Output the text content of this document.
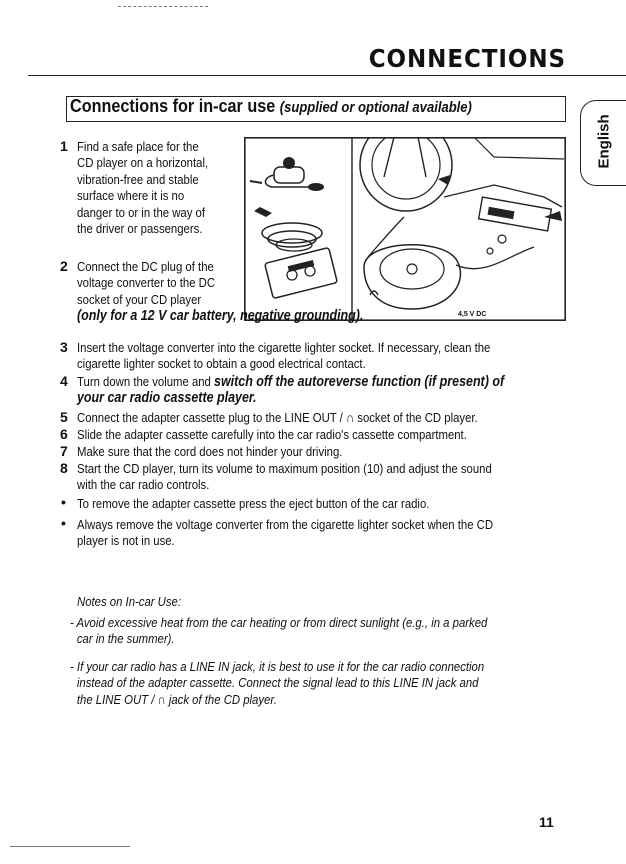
CONNECTIONS
Connections for in-car use (supplied or optional available)
English
4,5 V DC
1 Find a safe place for the
CD player on a horizontal,
vibration-free and stable
surface where it is no
danger to or in the way of
the driver or passengers.
2 Connect the DC plug of the
voltage converter to the DC
socket of your CD player
(only for a 12 V car battery, negative grounding).
3 Insert the voltage converter into the cigarette lighter socket. If necessary, clean the
cigarette lighter socket to obtain a good electrical contact.
4 Turn down the volume and switch off the autoreverse function (if present) of
your car radio cassette player.
5 Connect the adapter cassette plug to the LINE OUT / ∩ socket of the CD player.
6 Slide the adapter cassette carefully into the car radio's cassette compartment.
7 Make sure that the cord does not hinder your driving.
8 Start the CD player, turn its volume to maximum position (10) and adjust the sound
with the car radio controls.
• To remove the adapter cassette press the eject button of the car radio.
• Always remove the voltage converter from the cigarette lighter socket when the CD
player is not in use.
Notes on In-car Use:
- Avoid excessive heat from the car heating or from direct sunlight (e.g., in a parked
car in the summer).
- If your car radio has a LINE IN jack, it is best to use it for the car radio connection
instead of the adapter cassette. Connect the signal lead to this LINE IN jack and
the LINE OUT / ∩ jack of the CD player.
11
